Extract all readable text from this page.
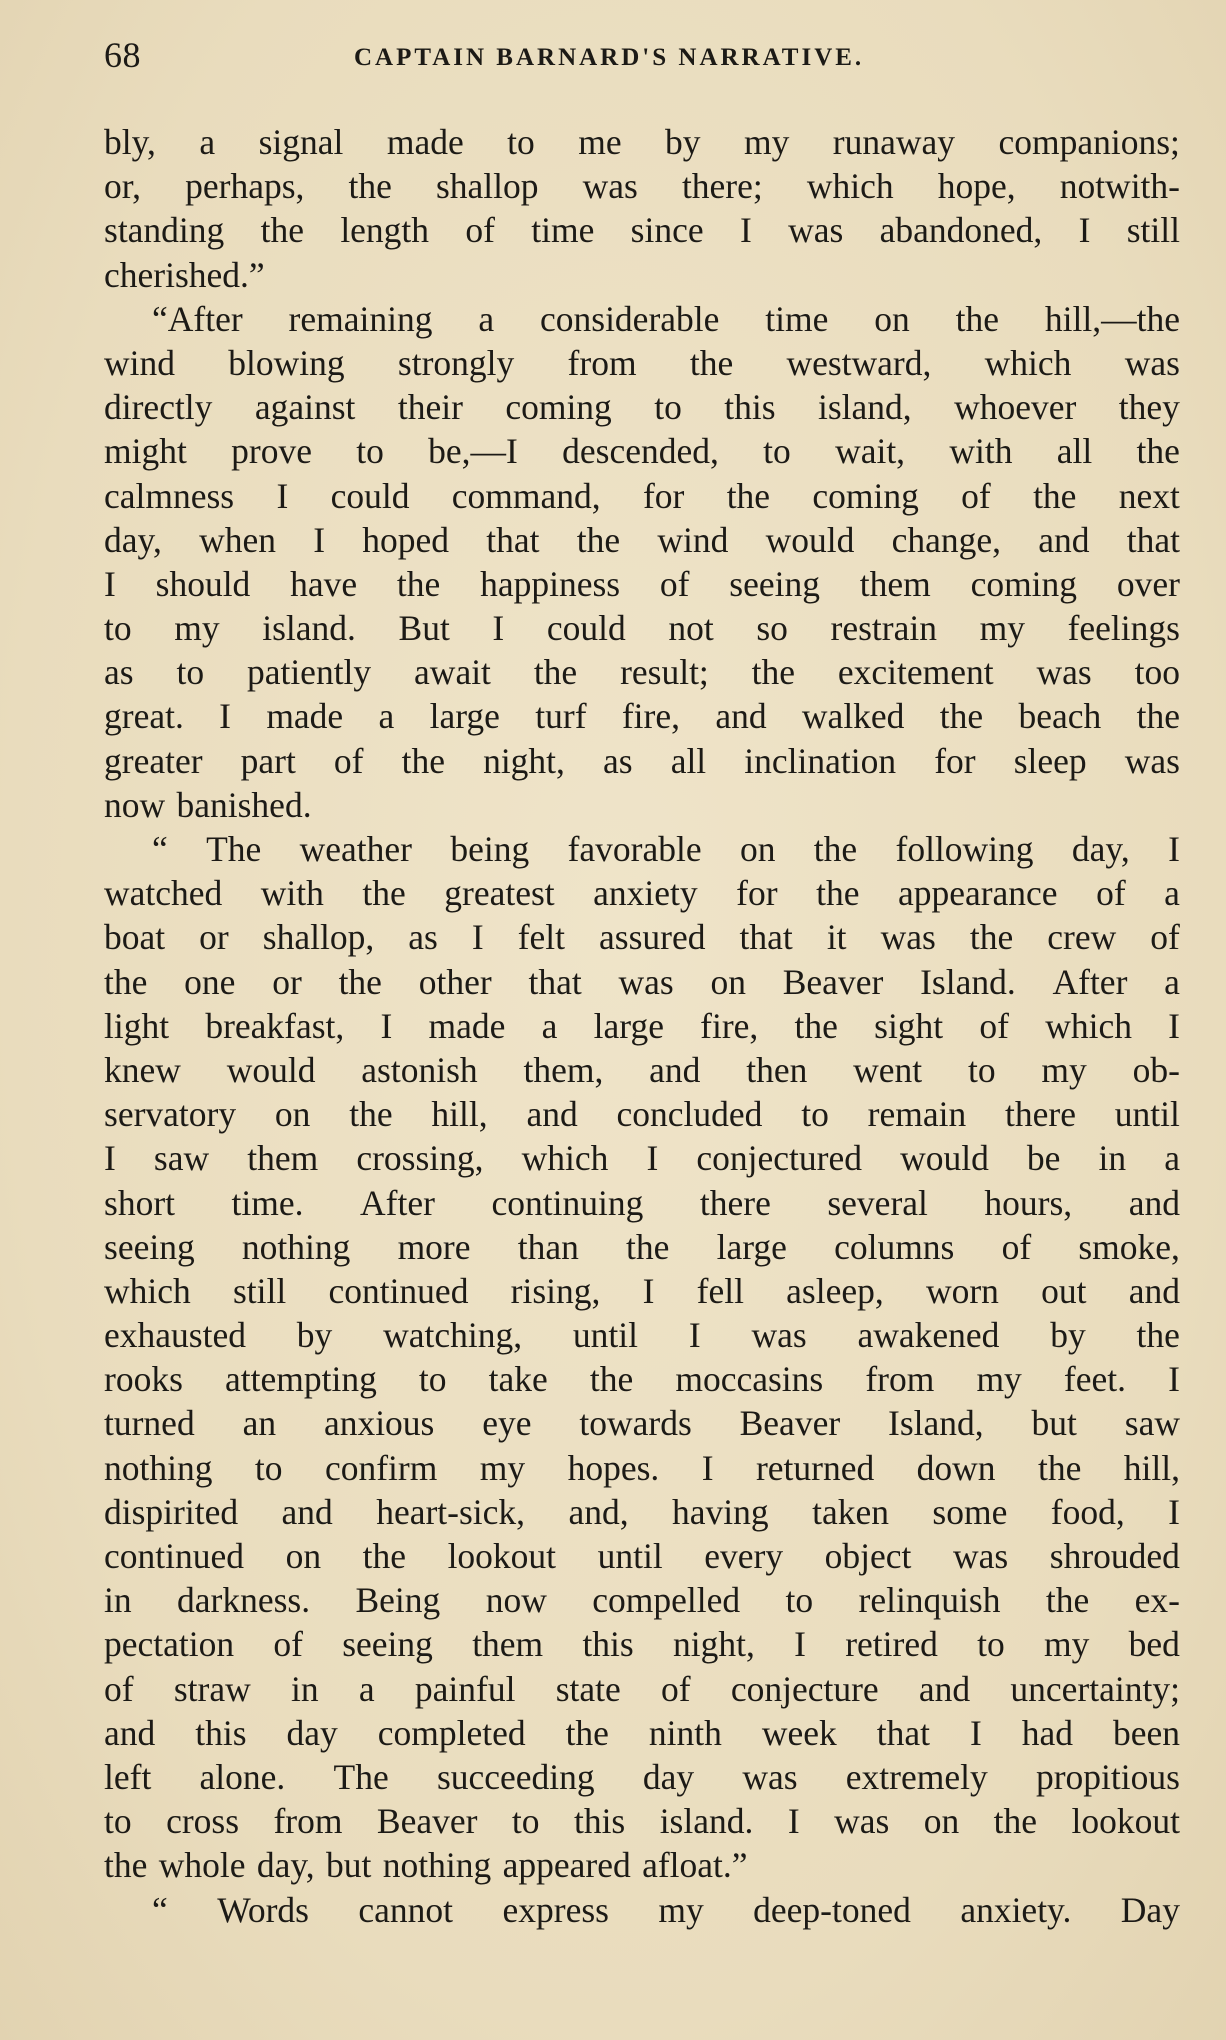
68	CAPTAIN BARNARD'S NARRATIVE.
bly, a signal made to me by my runaway companions;
or, perhaps, the shallop was there; which hope, notwith-
standing the length of time since I was abandoned, I still
cherished.”
“After remaining a considerable time on the hill,—the
wind blowing strongly from the westward, which was
directly against their coming to this island, whoever they
might prove to be,—I descended, to wait, with all the
calmness I could command, for the coming of the next
day, when I hoped that the wind would change, and that
I should have the happiness of seeing them coming over
to my island. But I could not so restrain my feelings
as to patiently await the result; the excitement was too
great. I made a large turf fire, and walked the beach the
greater part of the night, as all inclination for sleep was
now banished.
“ The weather being favorable on the following day, I
watched with the greatest anxiety for the appearance of a
boat or shallop, as I felt assured that it was the crew of
the one or the other that was on Beaver Island. After a
light breakfast, I made a large fire, the sight of which I
knew would astonish them, and then went to my ob-
servatory on the hill, and concluded to remain there until
I saw them crossing, which I conjectured would be in a
short time. After continuing there several hours, and
seeing nothing more than the large columns of smoke,
which still continued rising, I fell asleep, worn out and
exhausted by watching, until I was awakened by the
rooks attempting to take the moccasins from my feet. I
turned an anxious eye towards Beaver Island, but saw
nothing to confirm my hopes. I returned down the hill,
dispirited and heart-sick, and, having taken some food, I
continued on the lookout until every object was shrouded
in darkness. Being now compelled to relinquish the ex-
pectation of seeing them this night, I retired to my bed
of straw in a painful state of conjecture and uncertainty;
and this day completed the ninth week that I had been
left alone. The succeeding day was extremely propitious
to cross from Beaver to this island. I was on the lookout
the whole day, but nothing appeared afloat.”
“ Words cannot express my deep-toned anxiety. Day
